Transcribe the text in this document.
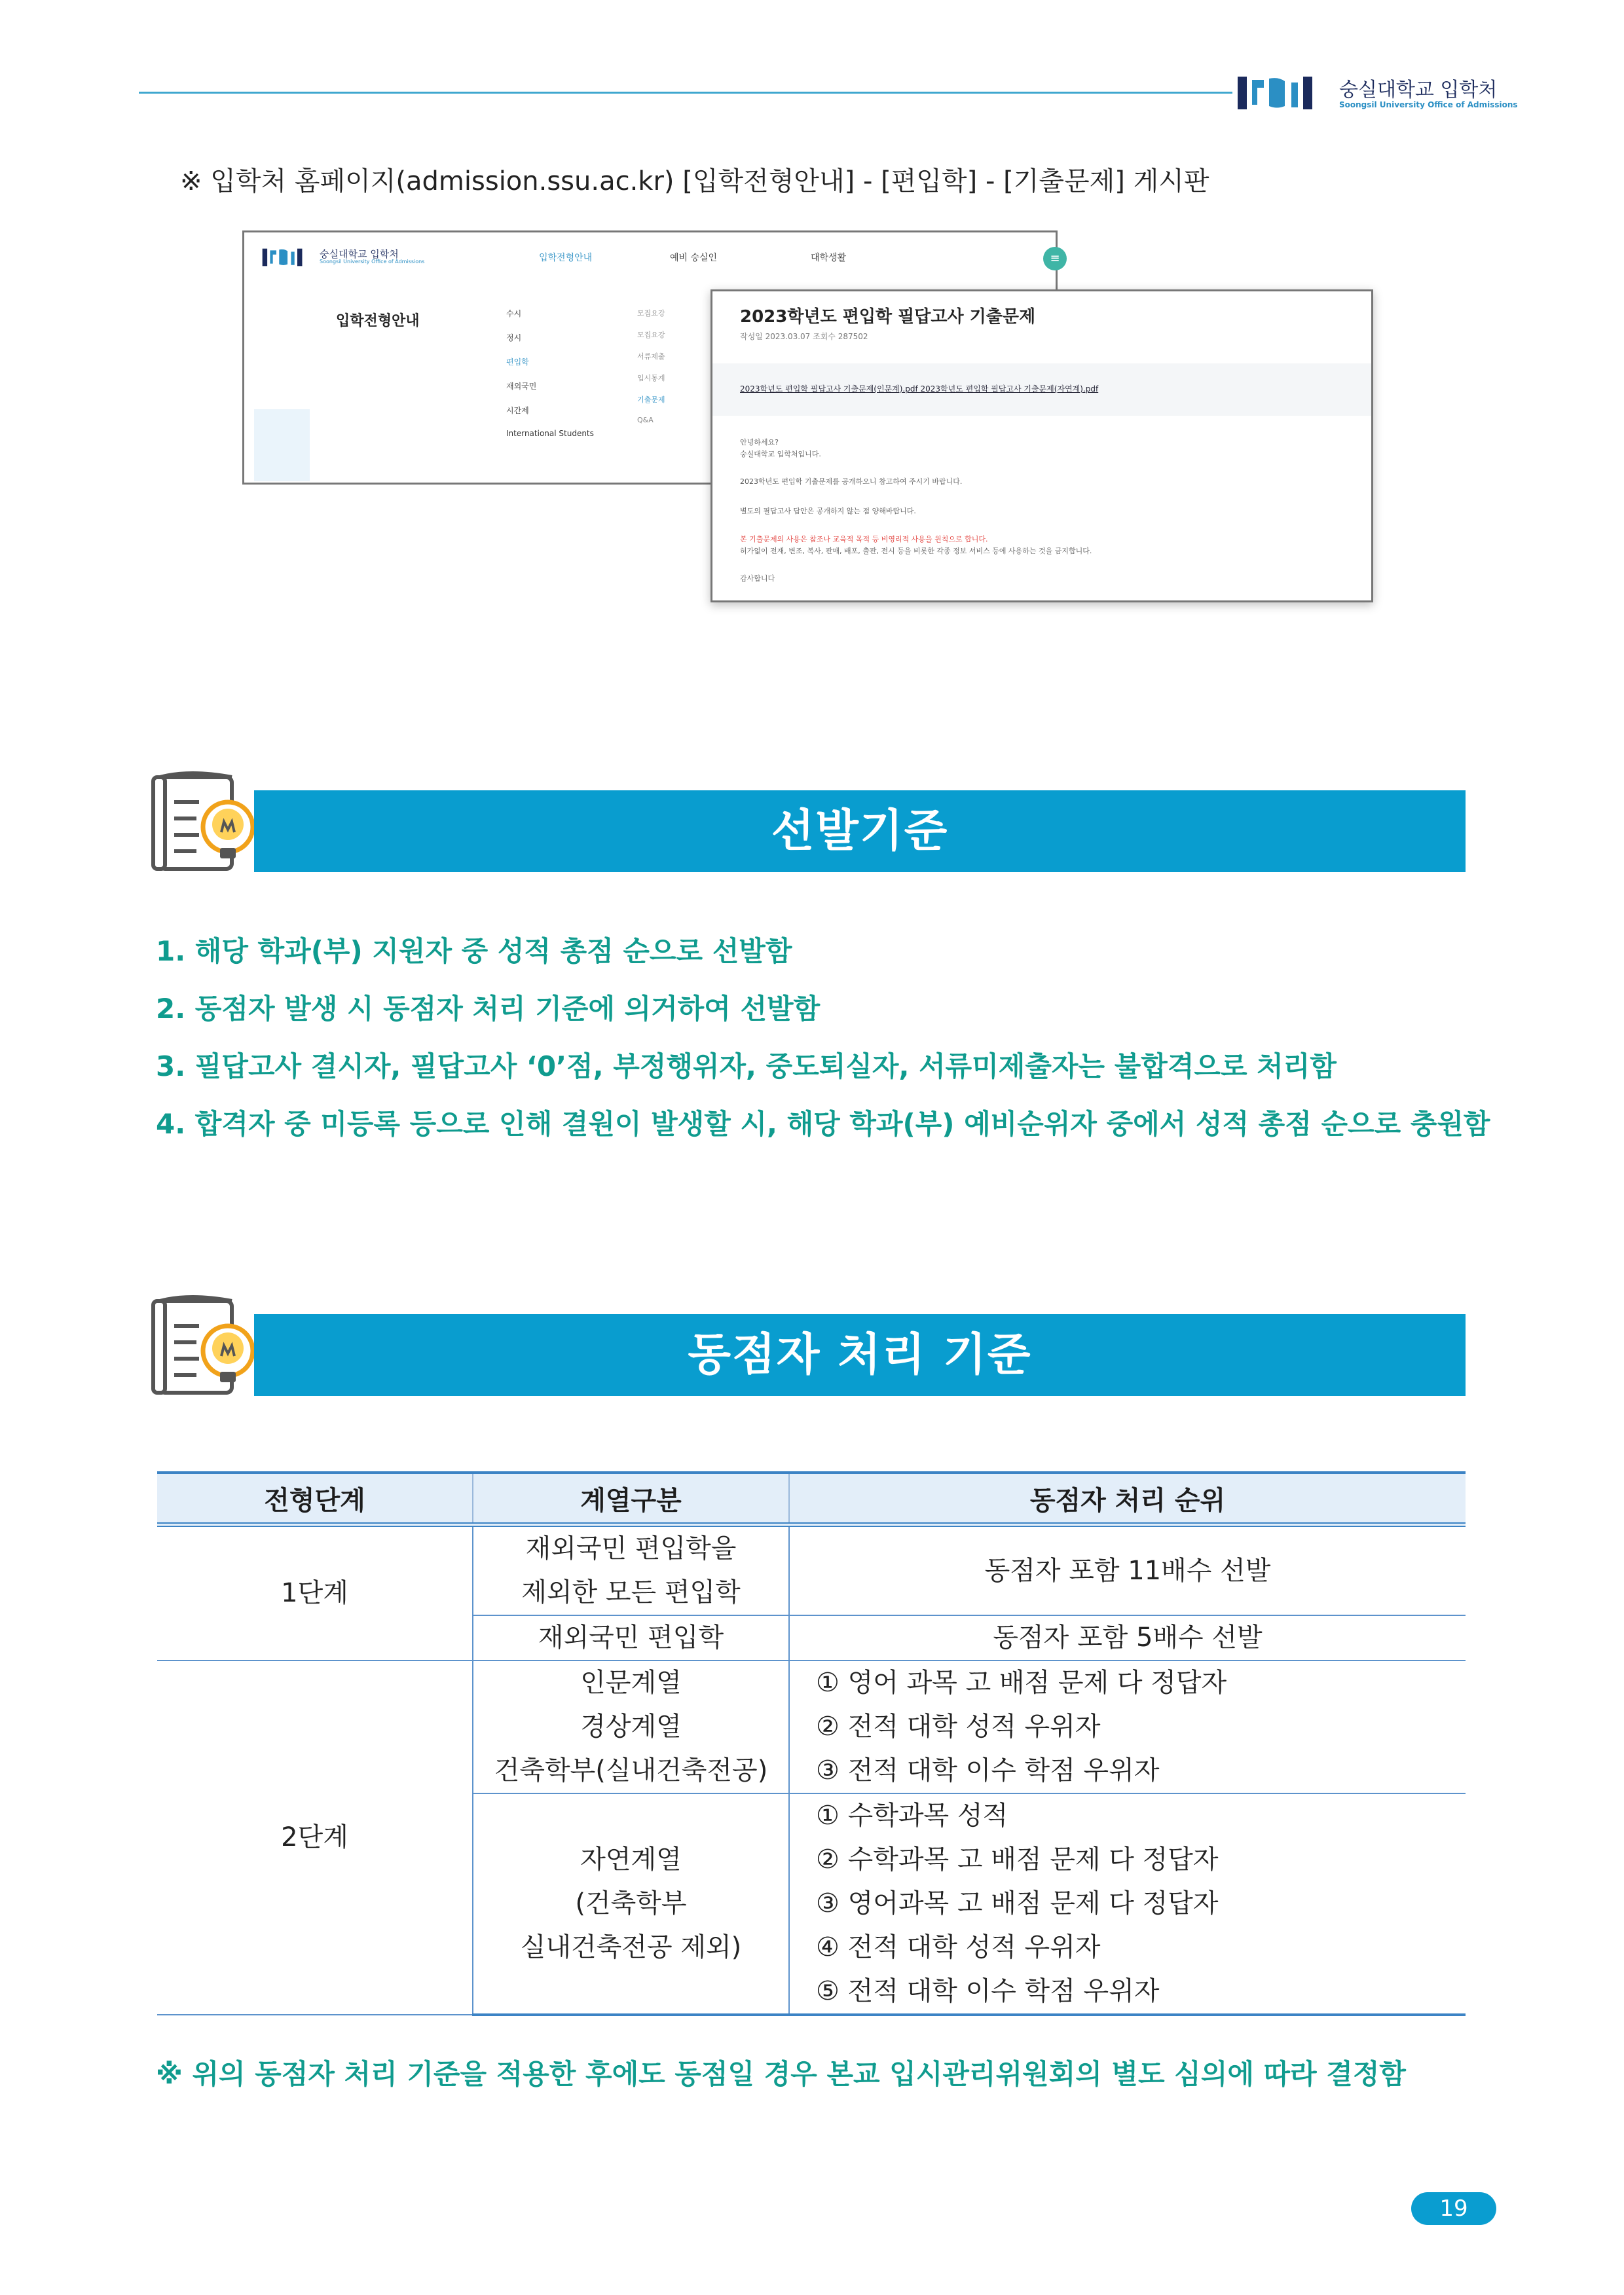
숭실대학교 입학처
Soongsil University Office of Admissions
※ 입학처 홈페이지(admission.ssu.ac.kr) [입학전형안내] - [편입학] - [기출문제] 게시판
숭실대학교 입학처
Soongsil University Office of Admissions	입학전형안내	예비 숭실인	대학생활	≡
입학전형안내	수시
정시
편입학
재외국민
시간제
International Students
모집요강
모집요강
서류제출
입시통계
기출문제
Q&A
2023학년도 편입학 필답고사 기출문제
작성일 2023.03.07 조회수 287502
2023학년도 편입학 필답고사 기출문제(인문계).pdf 2023학년도 편입학 필답고사 기출문제(자연계).pdf
안녕하세요?
숭실대학교 입학처입니다.
2023학년도 편입학 기출문제를 공개하오니 참고하여 주시기 바랍니다.
별도의 필답고사 답안은 공개하지 않는 점 양해바랍니다.
본 기출문제의 사용은 참조나 교육적 목적 등 비영리적 사용을 원칙으로 합니다.
허가없이 전재, 변조, 복사, 판매, 배포, 출판, 전시 등을 비롯한 각종 정보 서비스 등에 사용하는 것을 금지합니다.
감사합니다
선발기준
1. 해당 학과(부) 지원자 중 성적 총점 순으로 선발함
2. 동점자 발생 시 동점자 처리 기준에 의거하여 선발함
3. 필답고사 결시자, 필답고사 ‘0’점, 부정행위자, 중도퇴실자, 서류미제출자는 불합격으로 처리함
4. 합격자 중 미등록 등으로 인해 결원이 발생할 시, 해당 학과(부) 예비순위자 중에서 성적 총점 순으로 충원함
동점자 처리 기준
전형단계	계열구분	동점자 처리 순위
1단계	재외국민 편입학을
제외한 모든 편입학	동점자 포함 11배수 선발
	재외국민 편입학	동점자 포함 5배수 선발
2단계	인문계열
경상계열
건축학부(실내건축전공)	① 영어 과목 고 배점 문제 다 정답자
② 전적 대학 성적 우위자
③ 전적 대학 이수 학점 우위자

	자연계열
(건축학부
실내건축전공 제외)	① 수학과목 성적
② 수학과목 고 배점 문제 다 정답자
③ 영어과목 고 배점 문제 다 정답자
④ 전적 대학 성적 우위자
⑤ 전적 대학 이수 학점 우위자
※ 위의 동점자 처리 기준을 적용한 후에도 동점일 경우 본교 입시관리위원회의 별도 심의에 따라 결정함
19
